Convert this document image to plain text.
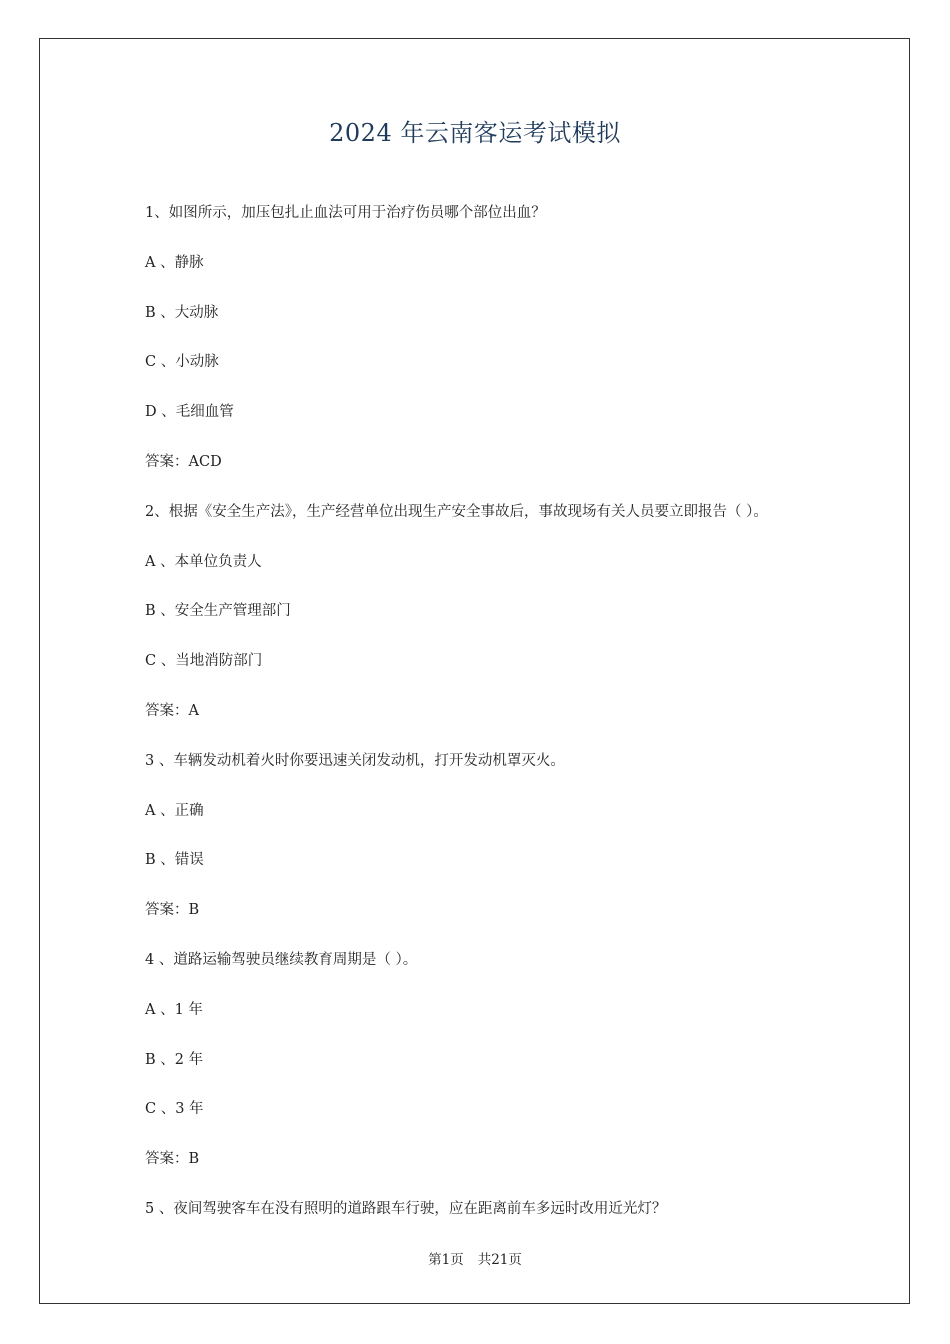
2024 年云南客运考试模拟
1、如图所示，加压包扎止血法可用于治疗伤员哪个部位出血？
A 、静脉
B 、大动脉
C 、小动脉
D 、毛细血管
答案：ACD
2、根据《安全生产法》，生产经营单位出现生产安全事故后，事故现场有关人员要立即报告（ ）。
A 、本单位负责人
B 、安全生产管理部门
C 、当地消防部门
答案：A
3 、车辆发动机着火时你要迅速关闭发动机，打开发动机罩灭火。
A 、正确
B 、错误
答案：B
4 、道路运输驾驶员继续教育周期是（ ）。
A 、1 年
B 、2 年
C 、3 年
答案：B
5 、夜间驾驶客车在没有照明的道路跟车行驶，应在距离前车多远时改用近光灯？
第1页 共21页
